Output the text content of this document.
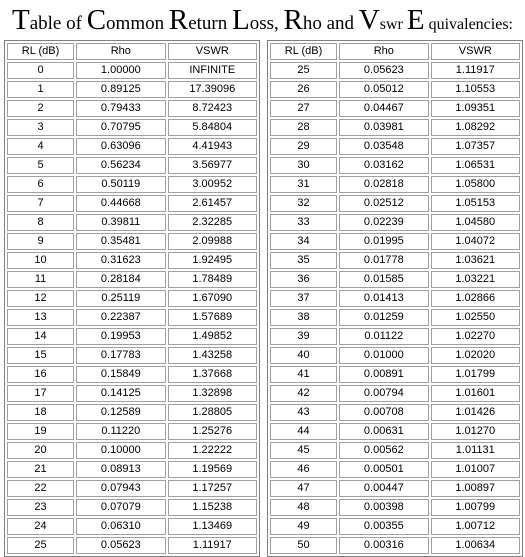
Table of Common Return Loss, Rho and Vswr E quivalencies:
RL (dB)	Rho	VSWR
0	1.00000	INFINITE
1	0.89125	17.39096
2	0.79433	8.72423
3	0.70795	5.84804
4	0.63096	4.41943
5	0.56234	3.56977
6	0.50119	3.00952
7	0.44668	2.61457
8	0.39811	2.32285
9	0.35481	2.09988
10	0.31623	1.92495
11	0.28184	1.78489
12	0.25119	1.67090
13	0.22387	1.57689
14	0.19953	1.49852
15	0.17783	1.43258
16	0.15849	1.37668
17	0.14125	1.32898
18	0.12589	1.28805
19	0.11220	1.25276
20	0.10000	1.22222
21	0.08913	1.19569
22	0.07943	1.17257
23	0.07079	1.15238
24	0.06310	1.13469
25	0.05623	1.11917
RL (dB)	Rho	VSWR
25	0.05623	1.11917
26	0.05012	1.10553
27	0.04467	1.09351
28	0.03981	1.08292
29	0.03548	1.07357
30	0.03162	1.06531
31	0.02818	1.05800
32	0.02512	1.05153
33	0.02239	1.04580
34	0.01995	1.04072
35	0.01778	1.03621
36	0.01585	1.03221
37	0.01413	1.02866
38	0.01259	1.02550
39	0.01122	1.02270
40	0.01000	1.02020
41	0.00891	1.01799
42	0.00794	1.01601
43	0.00708	1.01426
44	0.00631	1.01270
45	0.00562	1.01131
46	0.00501	1.01007
47	0.00447	1.00897
48	0.00398	1.00799
49	0.00355	1.00712
50	0.00316	1.00634
